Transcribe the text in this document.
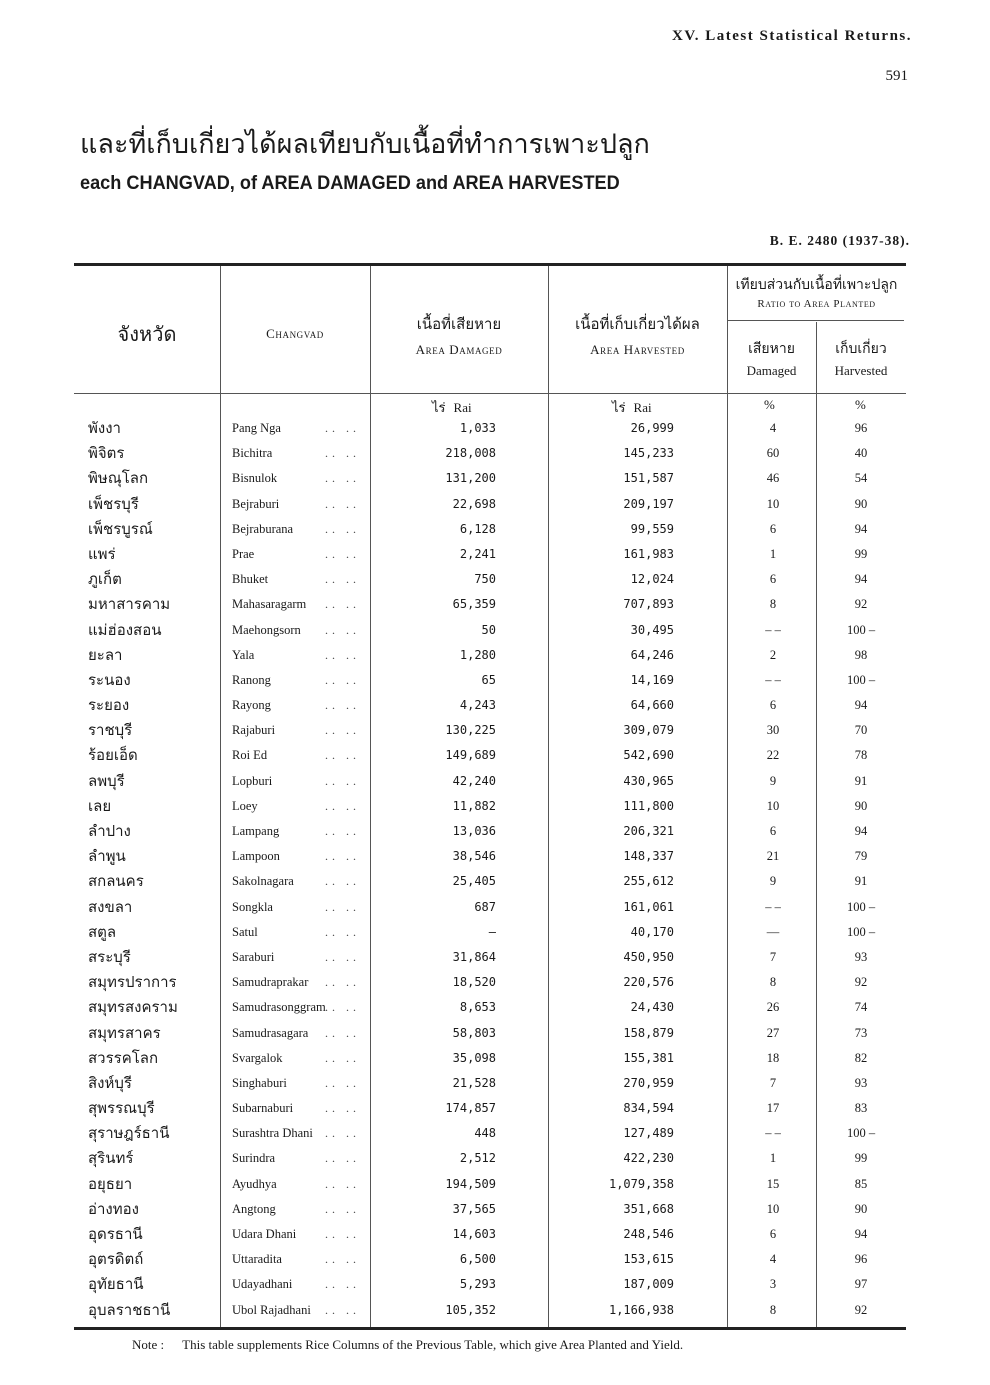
XV. Latest Statistical Returns.
591
และที่เก็บเกี่ยวได้ผลเทียบกับเนื้อที่ทำการเพาะปลูก
each CHANGVAD, of AREA DAMAGED and AREA HARVESTED
B. E. 2480 (1937-38).
จังหวัด	Changvad
เนื้อที่เสียหาย
Area Damaged
เนื้อที่เก็บเกี่ยวได้ผล
Area Harvested
เทียบส่วนกับเนื้อที่เพาะปลูก
Ratio to Area Planted
เสียหาย
Damaged
เก็บเกี่ยว
Harvested
ไร่ Rai	ไร่ Rai	%	%
พังงา	Pang Nga	1,033	26,999	4	96
.. ..
พิจิตร	Bichitra	218,008	145,233	60	40
.. ..
พิษณุโลก	Bisnulok	131,200	151,587	46	54
.. ..
เพ็ชรบุรี	Bejraburi	22,698	209,197	10	90
.. ..
เพ็ชรบูรณ์	Bejraburana	6,128	99,559	6	94
.. ..
แพร่	Prae	2,241	161,983	1	99
.. ..
ภูเก็ต	Bhuket	750	12,024	6	94
.. ..
มหาสารคาม	Mahasaragarm	65,359	707,893	8	92
.. ..
แม่ฮ่องสอน	Maehongsorn	50	30,495	– –	100 –
.. ..
ยะลา	Yala	1,280	64,246	2	98
.. ..
ระนอง	Ranong	65	14,169	– –	100 –
.. ..
ระยอง	Rayong	4,243	64,660	6	94
.. ..
ราชบุรี	Rajaburi	130,225	309,079	30	70
.. ..
ร้อยเอ็ด	Roi Ed	149,689	542,690	22	78
.. ..
ลพบุรี	Lopburi	42,240	430,965	9	91
.. ..
เลย	Loey	11,882	111,800	10	90
.. ..
ลำปาง	Lampang	13,036	206,321	6	94
.. ..
ลำพูน	Lampoon	38,546	148,337	21	79
.. ..
สกลนคร	Sakolnagara	25,405	255,612	9	91
.. ..
สงขลา	Songkla	687	161,061	– –	100 –
.. ..
สตูล	Satul	—	40,170	—	100 –
.. ..
สระบุรี	Saraburi	31,864	450,950	7	93
.. ..
สมุทรปราการ	Samudraprakar	18,520	220,576	8	92
.. ..
สมุทรสงคราม	Samudrasonggram	8,653	24,430	26	74
.. ..
สมุทรสาคร	Samudrasagara	58,803	158,879	27	73
.. ..
สวรรคโลก	Svargalok	35,098	155,381	18	82
.. ..
สิงห์บุรี	Singhaburi	21,528	270,959	7	93
.. ..
สุพรรณบุรี	Subarnaburi	174,857	834,594	17	83
.. ..
สุราษฎร์ธานี	Surashtra Dhani	448	127,489	– –	100 –
.. ..
สุรินทร์	Surindra	2,512	422,230	1	99
.. ..
อยุธยา	Ayudhya	194,509	1,079,358	15	85
.. ..
อ่างทอง	Angtong	37,565	351,668	10	90
.. ..
อุดรธานี	Udara Dhani	14,603	248,546	6	94
.. ..
อุตรดิตถ์	Uttaradita	6,500	153,615	4	96
.. ..
อุทัยธานี	Udayadhani	5,293	187,009	3	97
.. ..
อุบลราชธานี	Ubol Rajadhani	105,352	1,166,938	8	92
.. ..
Note : This table supplements Rice Columns of the Previous Table, which give Area Planted and Yield.
